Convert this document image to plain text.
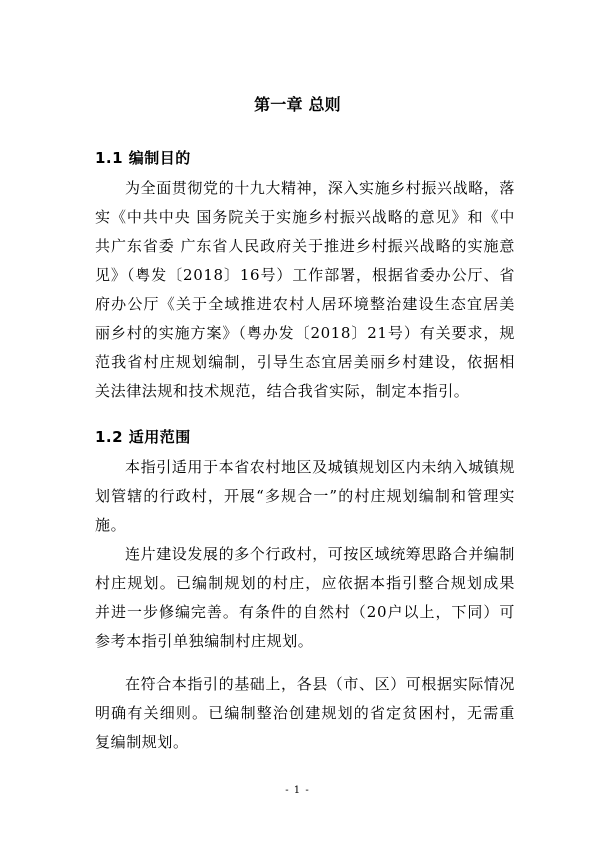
第一章 总则
1.1 编制目的
为全面贯彻党的十九大精神，深入实施乡村振兴战略，落实《中共中央 国务院关于实施乡村振兴战略的意见》和《中共广东省委 广东省人民政府关于推进乡村振兴战略的实施意见》（粤发〔2018〕16号）工作部署，根据省委办公厅、省府办公厅《关于全域推进农村人居环境整治建设生态宜居美丽乡村的实施方案》（粤办发〔2018〕21号）有关要求，规范我省村庄规划编制，引导生态宜居美丽乡村建设，依据相关法律法规和技术规范，结合我省实际，制定本指引。
1.2 适用范围
本指引适用于本省农村地区及城镇规划区内未纳入城镇规划管辖的行政村，开展“多规合一”的村庄规划编制和管理实施。
连片建设发展的多个行政村，可按区域统筹思路合并编制村庄规划。已编制规划的村庄，应依据本指引整合规划成果并进一步修编完善。有条件的自然村（20户以上，下同）可参考本指引单独编制村庄规划。
在符合本指引的基础上，各县（市、区）可根据实际情况明确有关细则。已编制整治创建规划的省定贫困村，无需重复编制规划。
- 1 -
